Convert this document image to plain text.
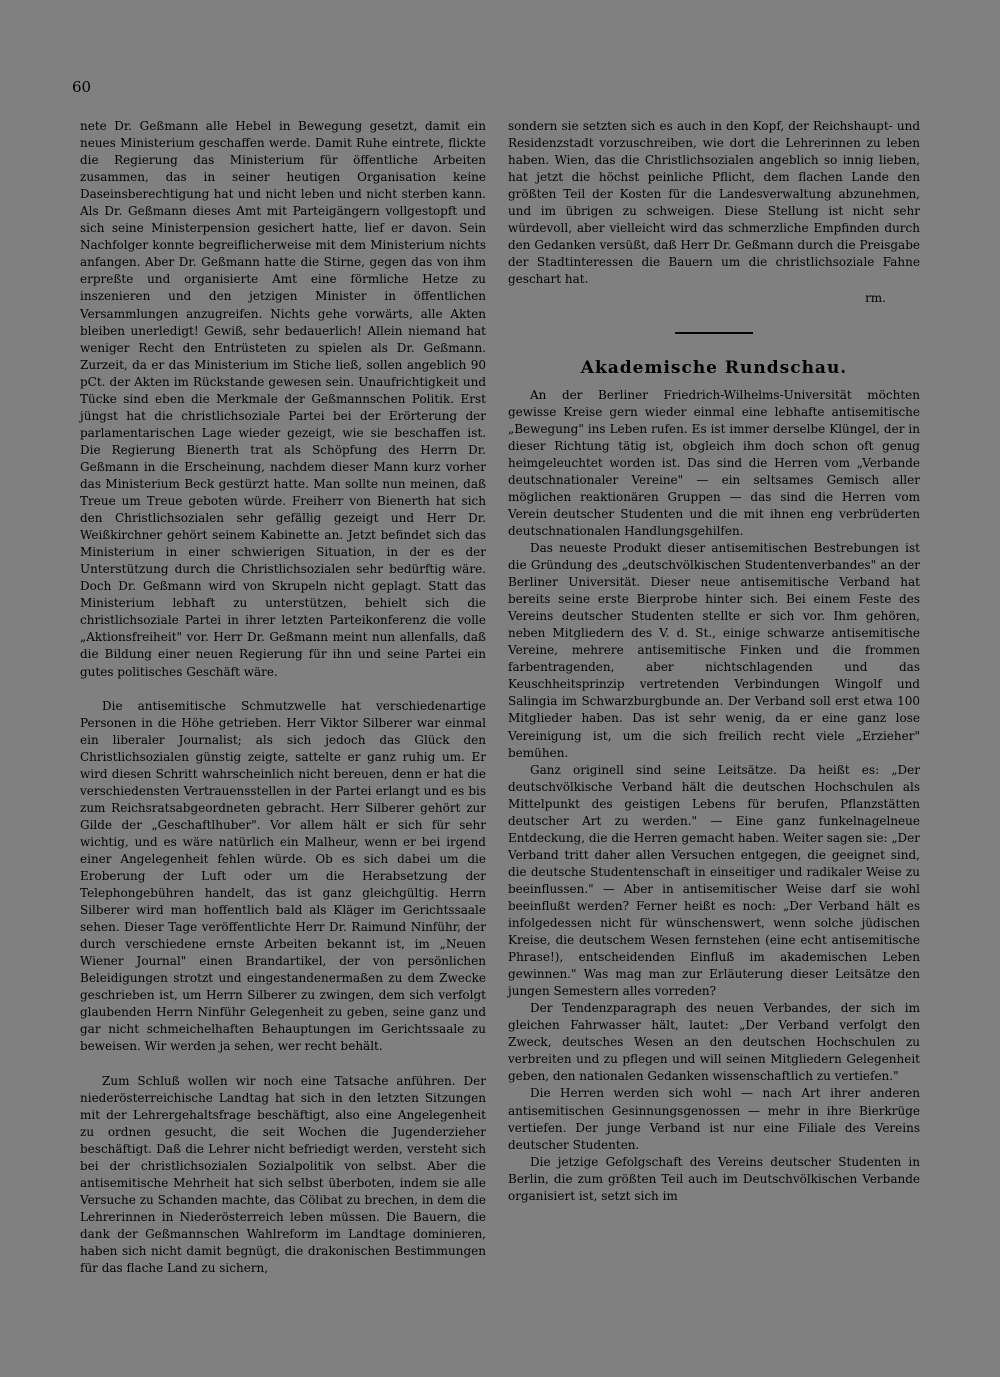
60

nete Dr. Geßmann alle Hebel in Bewegung gesetzt, damit ein neues Ministerium geschaffen werde. Damit Ruhe eintrete, flickte die Regierung das Ministerium für öffentliche Arbeiten zusammen, das in seiner heutigen Organisation keine Daseinsberechtigung hat und nicht leben und nicht sterben kann. Als Dr. Geßmann dieses Amt mit Parteigängern vollgestopft und sich seine Ministerpension gesichert hatte, lief er davon. Sein Nachfolger konnte begreiflicherweise mit dem Ministerium nichts anfangen. Aber Dr. Geßmann hatte die Stirne, gegen das von ihm erpreßte und organisierte Amt eine förmliche Hetze zu inszenieren und den jetzigen Minister in öffentlichen Versammlungen anzugreifen. Nichts gehe vorwärts, alle Akten bleiben unerledigt! Gewiß, sehr bedauerlich! Allein niemand hat weniger Recht den Entrüsteten zu spielen als Dr. Geßmann. Zurzeit, da er das Ministerium im Stiche ließ, sollen angeblich 90 pCt. der Akten im Rückstande gewesen sein. Unaufrichtigkeit und Tücke sind eben die Merkmale der Geßmannschen Politik. Erst jüngst hat die christlichsoziale Partei bei der Erörterung der parlamentarischen Lage wieder gezeigt, wie sie beschaffen ist. Die Regierung Bienerth trat als Schöpfung des Herrn Dr. Geßmann in die Erscheinung, nachdem dieser Mann kurz vorher das Ministerium Beck gestürzt hatte. Man sollte nun meinen, daß Treue um Treue geboten würde. Freiherr von Bienerth hat sich den Christlichsozialen sehr gefällig gezeigt und Herr Dr. Weißkirchner gehört seinem Kabinette an. Jetzt befindet sich das Ministerium in einer schwierigen Situation, in der es der Unterstützung durch die Christlichsozialen sehr bedürftig wäre. Doch Dr. Geßmann wird von Skrupeln nicht geplagt. Statt das Ministerium lebhaft zu unterstützen, behielt sich die christlichsoziale Partei in ihrer letzten Parteikonferenz die volle „Aktionsfreiheit" vor. Herr Dr. Geßmann meint nun allenfalls, daß die Bildung einer neuen Regierung für ihn und seine Partei ein gutes politisches Geschäft wäre.

Die antisemitische Schmutzwelle hat verschiedenartige Personen in die Höhe getrieben. Herr Viktor Silberer war einmal ein liberaler Journalist; als sich jedoch das Glück den Christlichsozialen günstig zeigte, sattelte er ganz ruhig um. Er wird diesen Schritt wahrscheinlich nicht bereuen, denn er hat die verschiedensten Vertrauensstellen in der Partei erlangt und es bis zum Reichsratsabgeordneten gebracht. Herr Silberer gehört zur Gilde der „Geschaftlhuber". Vor allem hält er sich für sehr wichtig, und es wäre natürlich ein Malheur, wenn er bei irgend einer Angelegenheit fehlen würde. Ob es sich dabei um die Eroberung der Luft oder um die Herabsetzung der Telephongebühren handelt, das ist ganz gleichgültig. Herrn Silberer wird man hoffentlich bald als Kläger im Gerichtssaale sehen. Dieser Tage veröffentlichte Herr Dr. Raimund Ninführ, der durch verschiedene ernste Arbeiten bekannt ist, im „Neuen Wiener Journal" einen Brandartikel, der von persönlichen Beleidigungen strotzt und eingestandenermaßen zu dem Zwecke geschrieben ist, um Herrn Silberer zu zwingen, dem sich verfolgt glaubenden Herrn Ninführ Gelegenheit zu geben, seine ganz und gar nicht schmeichelhaften Behauptungen im Gerichtssaale zu beweisen. Wir werden ja sehen, wer recht behält.

Zum Schluß wollen wir noch eine Tatsache anführen. Der niederösterreichische Landtag hat sich in den letzten Sitzungen mit der Lehrergehaltsfrage beschäftigt, also eine Angelegenheit zu ordnen gesucht, die seit Wochen die Jugenderzieher beschäftigt. Daß die Lehrer nicht befriedigt werden, versteht sich bei der christlichsozialen Sozialpolitik von selbst. Aber die antisemitische Mehrheit hat sich selbst überboten, indem sie alle Versuche zu Schanden machte, das Cölibat zu brechen, in dem die Lehrerinnen in Niederösterreich leben müssen. Die Bauern, die dank der Geßmannschen Wahlreform im Landtage dominieren, haben sich nicht damit begnügt, die drakonischen Bestimmungen für das flache Land zu sichern,

sondern sie setzten sich es auch in den Kopf, der Reichshaupt- und Residenzstadt vorzuschreiben, wie dort die Lehrerinnen zu leben haben. Wien, das die Christlichsozialen angeblich so innig lieben, hat jetzt die höchst peinliche Pflicht, dem flachen Lande den größten Teil der Kosten für die Landesverwaltung abzunehmen, und im übrigen zu schweigen. Diese Stellung ist nicht sehr würdevoll, aber vielleicht wird das schmerzliche Empfinden durch den Gedanken versüßt, daß Herr Dr. Geßmann durch die Preisgabe der Stadtinteressen die Bauern um die christlichsoziale Fahne geschart hat.

rm.
Akademische Rundschau.

An der Berliner Friedrich-Wilhelms-Universität möchten gewisse Kreise gern wieder einmal eine lebhafte antisemitische „Bewegung" ins Leben rufen. Es ist immer derselbe Klüngel, der in dieser Richtung tätig ist, obgleich ihm doch schon oft genug heimgeleuchtet worden ist. Das sind die Herren vom „Verbande deutschnationaler Vereine" — ein seltsames Gemisch aller möglichen reaktionären Gruppen — das sind die Herren vom Verein deutscher Studenten und die mit ihnen eng verbrüderten deutschnationalen Handlungsgehilfen.

Das neueste Produkt dieser antisemitischen Bestrebungen ist die Gründung des „deutschvölkischen Studentenverbandes" an der Berliner Universität. Dieser neue antisemitische Verband hat bereits seine erste Bierprobe hinter sich. Bei einem Feste des Vereins deutscher Studenten stellte er sich vor. Ihm gehören, neben Mitgliedern des V. d. St., einige schwarze antisemitische Vereine, mehrere antisemitische Finken und die frommen farbentragenden, aber nichtschlagenden und das Keuschheitsprinzip vertretenden Verbindungen Wingolf und Salingia im Schwarzburgbunde an. Der Verband soll erst etwa 100 Mitglieder haben. Das ist sehr wenig, da er eine ganz lose Vereinigung ist, um die sich freilich recht viele „Erzieher" bemühen.

Ganz originell sind seine Leitsätze. Da heißt es: „Der deutschvölkische Verband hält die deutschen Hochschulen als Mittelpunkt des geistigen Lebens für berufen, Pflanzstätten deutscher Art zu werden." — Eine ganz funkelnagelneue Entdeckung, die die Herren gemacht haben. Weiter sagen sie: „Der Verband tritt daher allen Versuchen entgegen, die geeignet sind, die deutsche Studentenschaft in einseitiger und radikaler Weise zu beeinflussen." — Aber in antisemitischer Weise darf sie wohl beeinflußt werden? Ferner heißt es noch: „Der Verband hält es infolgedessen nicht für wünschenswert, wenn solche jüdischen Kreise, die deutschem Wesen fernstehen (eine echt antisemitische Phrase!), entscheidenden Einfluß im akademischen Leben gewinnen." Was mag man zur Erläuterung dieser Leitsätze den jungen Semestern alles vorreden?

Der Tendenzparagraph des neuen Verbandes, der sich im gleichen Fahrwasser hält, lautet: „Der Verband verfolgt den Zweck, deutsches Wesen an den deutschen Hochschulen zu verbreiten und zu pflegen und will seinen Mitgliedern Gelegenheit geben, den nationalen Gedanken wissenschaftlich zu vertiefen."

Die Herren werden sich wohl — nach Art ihrer anderen antisemitischen Gesinnungsgenossen — mehr in ihre Bierkrüge vertiefen. Der junge Verband ist nur eine Filiale des Vereins deutscher Studenten.

Die jetzige Gefolgschaft des Vereins deutscher Studenten in Berlin, die zum größten Teil auch im Deutschvölkischen Verbande organisiert ist, setzt sich im
